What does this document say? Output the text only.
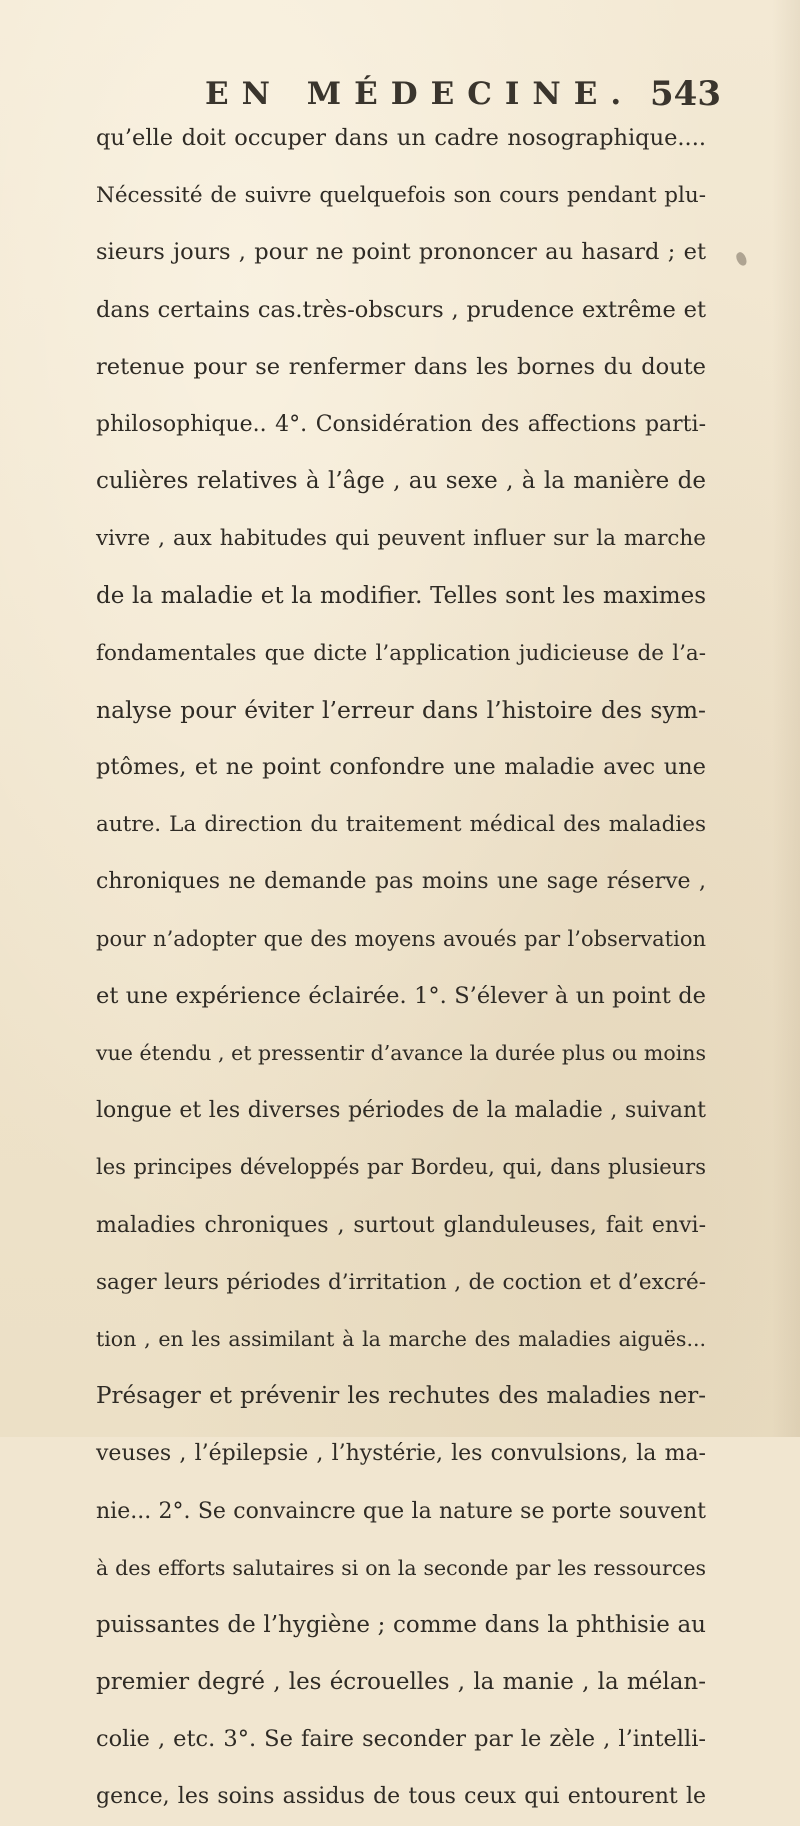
EN MÉDECINE. 543
qu’elle doit occuper dans un cadre nosographique....
Nécessité de suivre quelquefois son cours pendant plu-
sieurs jours , pour ne point prononcer au hasard ; et
dans certains cas.très-obscurs , prudence extrême et
retenue pour se renfermer dans les bornes du doute
philosophique.. 4°. Considération des affections parti-
culières relatives à l’âge , au sexe , à la manière de
vivre , aux habitudes qui peuvent influer sur la marche
de la maladie et la modifier. Telles sont les maximes
fondamentales que dicte l’application judicieuse de l’a-
nalyse pour éviter l’erreur dans l’histoire des sym-
ptômes, et ne point confondre une maladie avec une
autre. La direction du traitement médical des maladies
chroniques ne demande pas moins une sage réserve ,
pour n’adopter que des moyens avoués par l’observation
et une expérience éclairée. 1°. S’élever à un point de
vue étendu , et pressentir d’avance la durée plus ou moins
longue et les diverses périodes de la maladie , suivant
les principes développés par Bordeu, qui, dans plusieurs
maladies chroniques , surtout glanduleuses, fait envi-
sager leurs périodes d’irritation , de coction et d’excré-
tion , en les assimilant à la marche des maladies aiguës...
Présager et prévenir les rechutes des maladies ner-
veuses , l’épilepsie , l’hystérie, les convulsions, la ma-
nie... 2°. Se convaincre que la nature se porte souvent
à des efforts salutaires si on la seconde par les ressources
puissantes de l’hygiène ; comme dans la phthisie au
premier degré , les écrouelles , la manie , la mélan-
colie , etc. 3°. Se faire seconder par le zèle , l’intelli-
gence, les soins assidus de tous ceux qui entourent le
